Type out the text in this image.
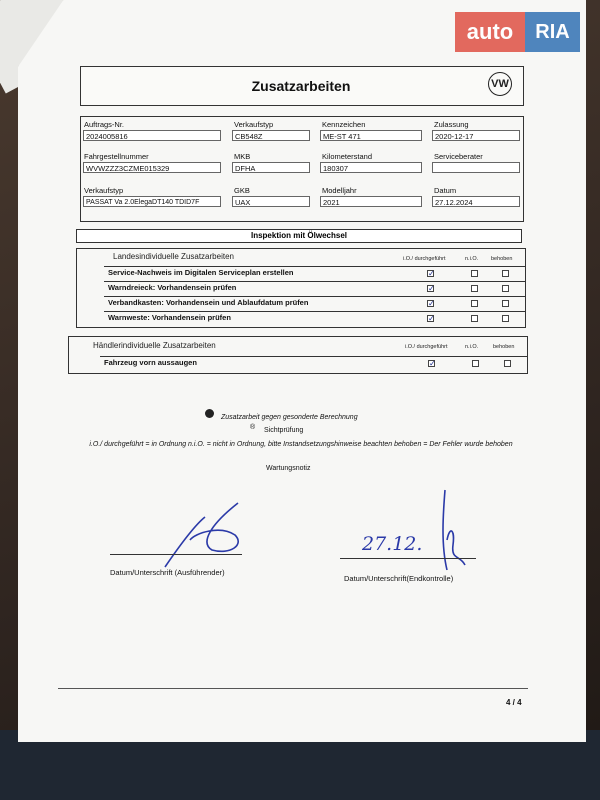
auto	RIA
Zusatzarbeiten	VW
Auftrags-Nr.
2024005816
Verkaufstyp
CB548Z
Kennzeichen
ME-ST 471
Zulassung
2020-12-17
Fahrgestellnummer
WVWZZZ3CZME015329
MKB
DFHA
Kilometerstand
180307
Serviceberater
Verkaufstyp
PASSAT Va 2.0ElegaDT140 TDID7F
GKB
UAX
Modelljahr
2021
Datum
27.12.2024
Inspektion mit Ölwechsel
Landesindividuelle Zusatzarbeiten	i.O./ durchgeführt	n.i.O. behoben
Service-Nachweis im Digitalen Serviceplan erstellen	✓
Warndreieck: Vorhandensein prüfen	✓
Verbandkasten: Vorhandensein und Ablaufdatum prüfen	✓
Warnweste: Vorhandensein prüfen	✓
Händlerindividuelle Zusatzarbeiten	i.O./ durchgeführt	n.i.O.	behoben
Fahrzeug vorn aussaugen	✓
Zusatzarbeit gegen gesonderte Berechnung
® Sichtprüfung
i.O./ durchgeführt = in Ordnung n.i.O. = nicht in Ordnung, bitte Instandsetzungshinweise beachten behoben = Der Fehler wurde behoben
Wartungsnotiz
Datum/Unterschrift (Ausführender)
27.12.
Datum/Unterschrift(Endkontrolle)
4 / 4
